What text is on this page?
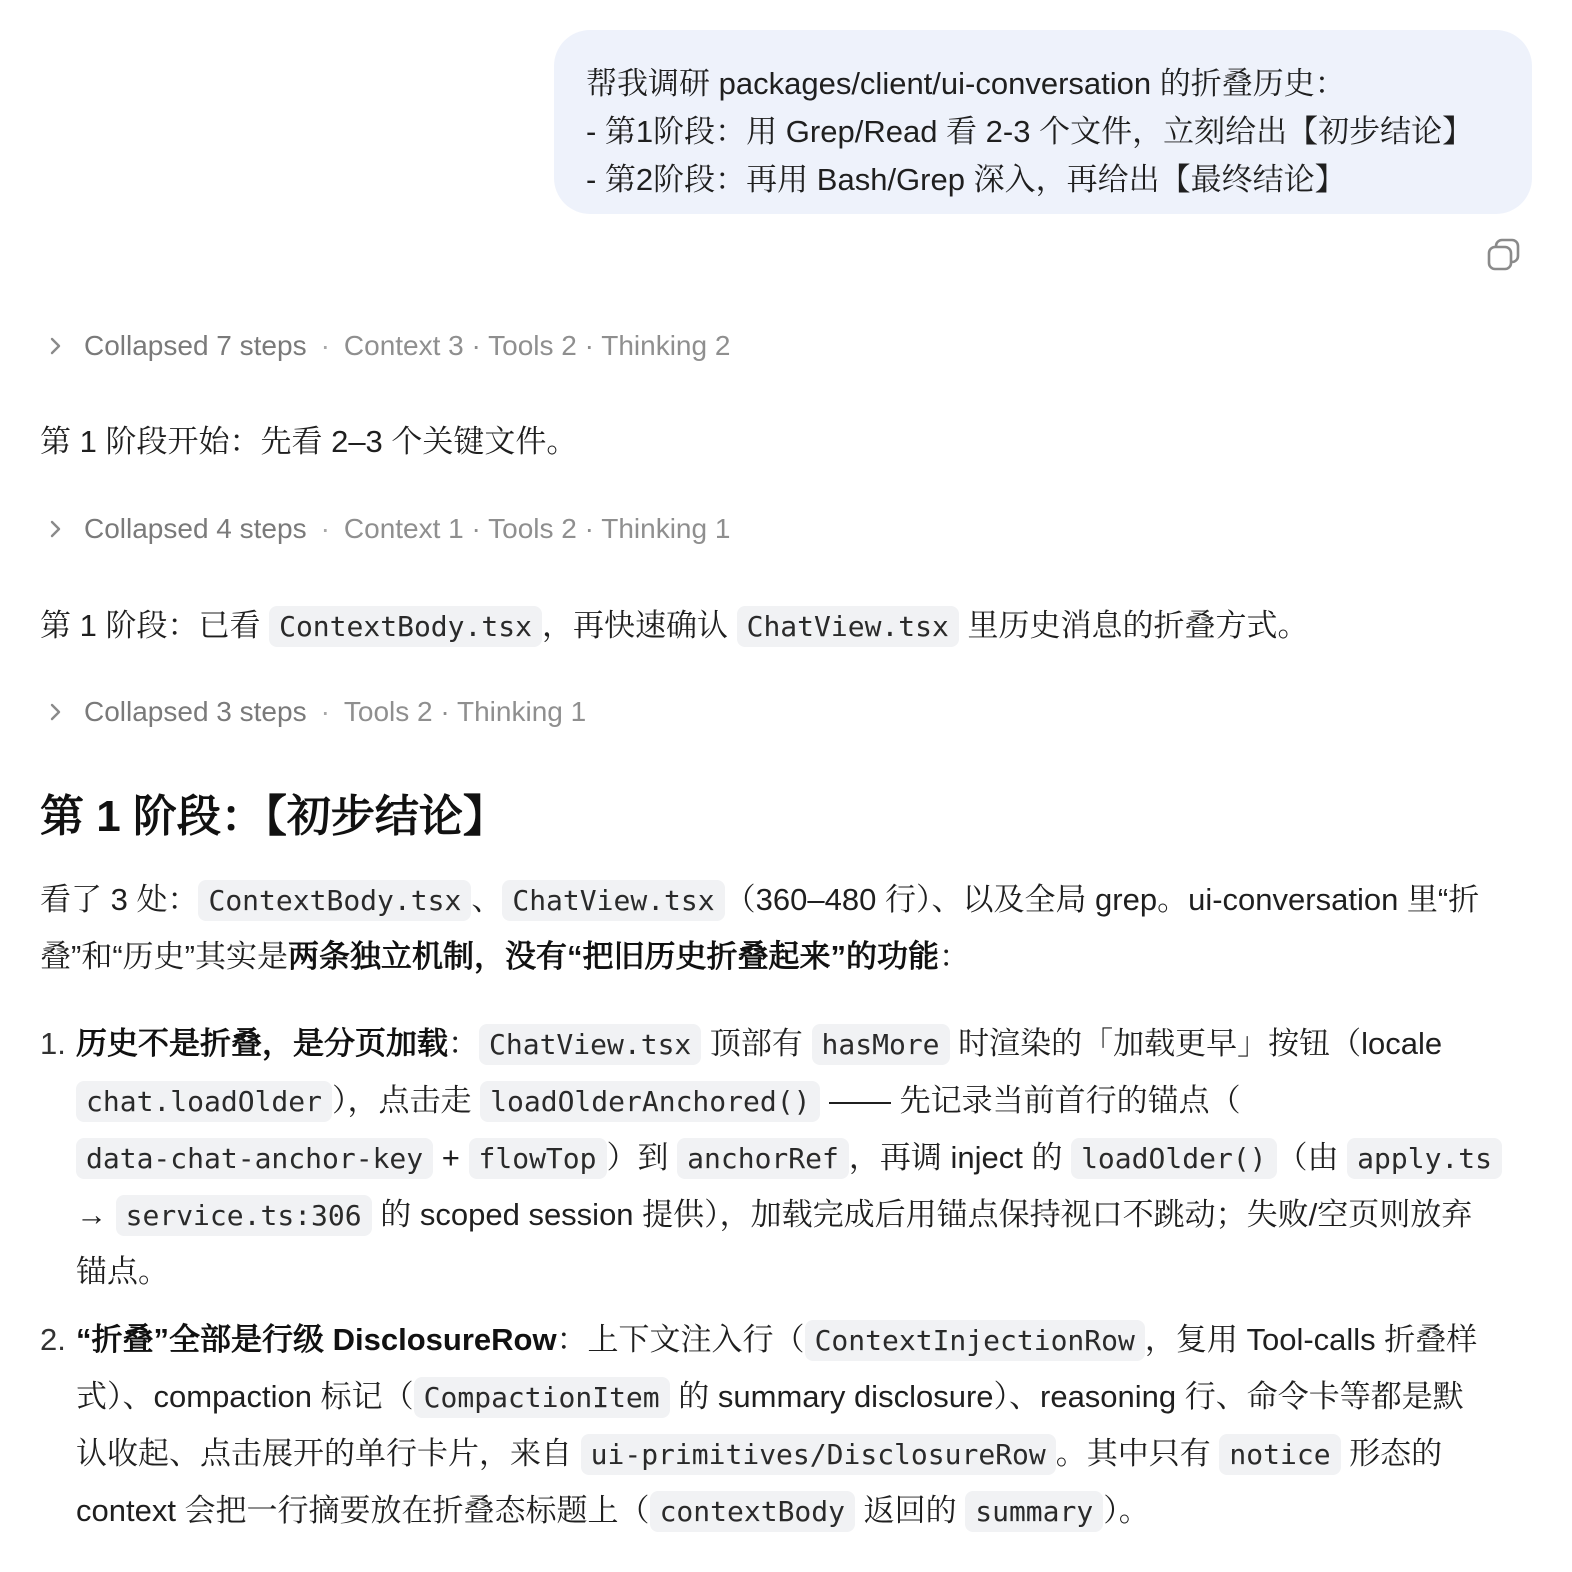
帮我调研 packages/client/ui-conversation 的折叠历史：
- 第1阶段：用 Grep/Read 看 2-3 个文件，立刻给出【初步结论】
- 第2阶段：再用 Bash/Grep 深入，再给出【最终结论】
Collapsed 7 steps · Context 3 · Tools 2 · Thinking 2
第 1 阶段开始：先看 2–3 个关键文件。
Collapsed 4 steps · Context 1 · Tools 2 · Thinking 1
第 1 阶段：已看 ContextBody.tsx ，再快速确认 ChatView.tsx 里历史消息的折叠方式。
Collapsed 3 steps · Tools 2 · Thinking 1
第 1 阶段：【初步结论】
看了 3 处： ContextBody.tsx 、 ChatView.tsx （360–480 行）、以及全局 grep。ui-conversation 里“折
叠”和“历史”其实是两条独立机制，没有“把旧历史折叠起来”的功能：
1. 历史不是折叠，是分页加载： ChatView.tsx 顶部有 hasMore 时渲染的「加载更早」按钮（locale
chat.loadOlder ），点击走 loadOlderAnchored() —— 先记录当前首行的锚点（
data-chat-anchor-key + flowTop ）到 anchorRef ，再调 inject 的 loadOlder() （由 apply.ts
→ service.ts:306 的 scoped session 提供），加载完成后用锚点保持视口不跳动；失败/空页则放弃
锚点。
2. “折叠”全部是行级 DisclosureRow：上下文注入行（ ContextInjectionRow ，复用 Tool-calls 折叠样
式）、compaction 标记（ CompactionItem 的 summary disclosure）、reasoning 行、命令卡等都是默
认收起、点击展开的单行卡片，来自 ui-primitives/DisclosureRow 。其中只有 notice 形态的
context 会把一行摘要放在折叠态标题上（ contextBody 返回的 summary ）。
